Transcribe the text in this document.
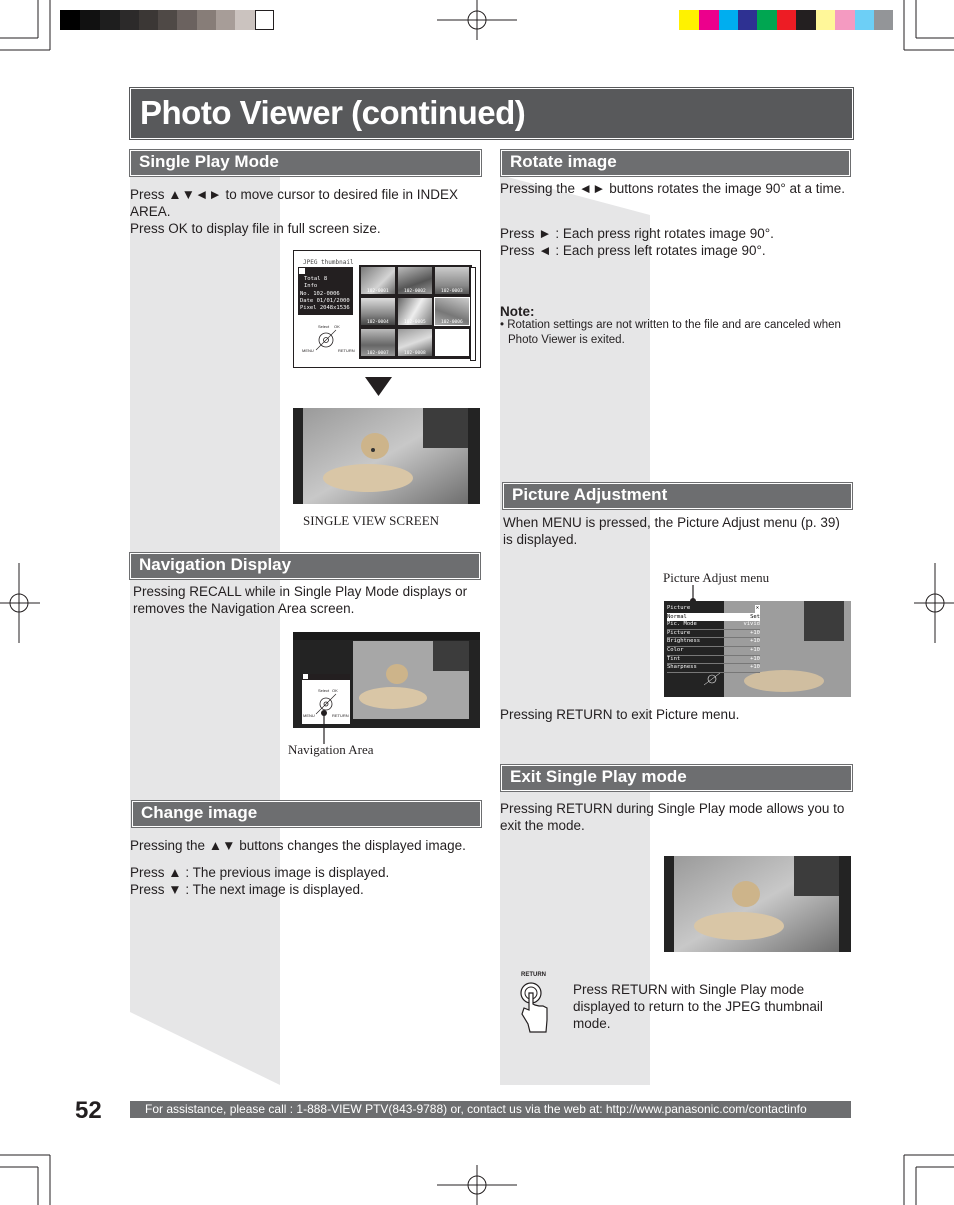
Photo Viewer (continued)
Single Play Mode
Press ▲▼◄► to move cursor to desired file in INDEX AREA.
Press OK to display file in full screen size.
JPEG thumbnail
Total 8
Info
No. 102-0006
Date 01/01/2000
Pixel 2048x1536
Select OK
MENU	RETURN
102-0001	102-0002	102-0003
102-0004	102-0005	102-0006
102-0007	102-0008
SINGLE VIEW SCREEN
Navigation Display
Pressing RECALL while in Single Play Mode displays or removes the Navigation Area screen.
Select OK
MENU	RETURN
Navigation Area
Change image
Pressing the ▲▼ buttons changes the displayed image.
Press ▲ : The previous image is displayed.
Press ▼ : The next image is displayed.
Rotate image
Pressing the ◄► buttons rotates the image 90° at a time.
Press ► : Each press right rotates image 90°.
Press ◄ : Each press left rotates image 90°.
Note:
• Rotation settings are not written to the file and are canceled when Photo Viewer is exited.
Picture Adjustment
When MENU is pressed, the Picture Adjust menu (p. 39) is displayed.
Picture Adjust menu
Picture	✕
Normal	Set
Pic. Mode	vivid
Picture	+10
Brightness	+10
Color	+10
Tint	+10
Sharpness	+10
Pressing RETURN to exit Picture menu.
Exit Single Play mode
Pressing RETURN during Single Play mode allows you to exit the mode.
RETURN
Press RETURN with Single Play mode displayed to return to the JPEG thumbnail mode.
52	For assistance, please call : 1-888-VIEW PTV(843-9788) or, contact us via the web at: http://www.panasonic.com/contactinfo
